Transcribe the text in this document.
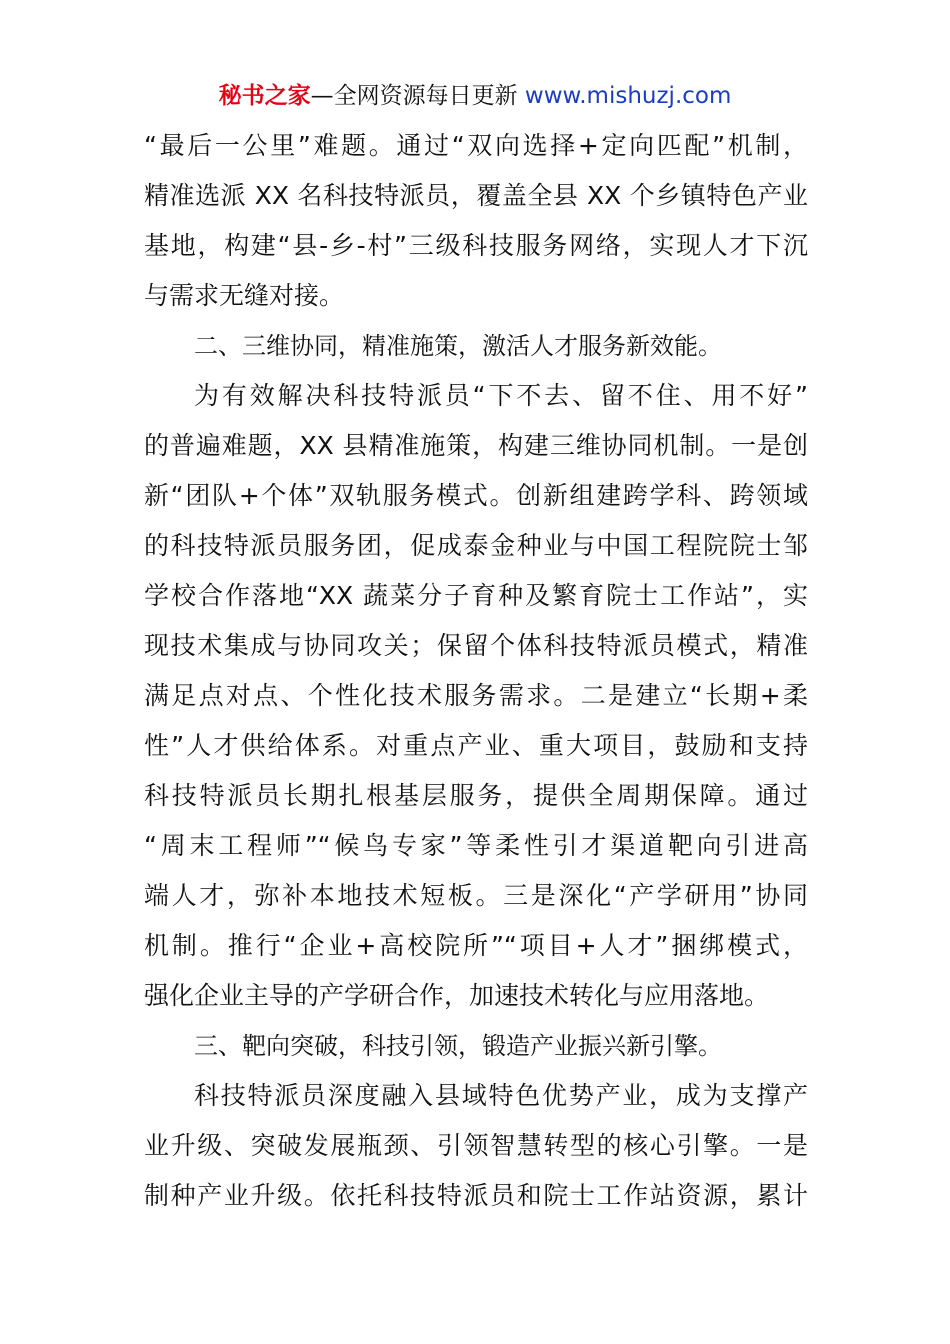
秘书之家—全网资源每日更新 www.mishuzj.com
“最后一公里”难题。通过“双向选择+定向匹配”机制，
精准选派 XX 名科技特派员，覆盖全县 XX 个乡镇特色产业
基地，构建“县-乡-村”三级科技服务网络，实现人才下沉
与需求无缝对接。
二、三维协同，精准施策，激活人才服务新效能。
为有效解决科技特派员“下不去、留不住、用不好”
的普遍难题，XX 县精准施策，构建三维协同机制。一是创
新“团队+个体”双轨服务模式。创新组建跨学科、跨领域
的科技特派员服务团，促成泰金种业与中国工程院院士邹
学校合作落地“XX 蔬菜分子育种及繁育院士工作站”，实
现技术集成与协同攻关；保留个体科技特派员模式，精准
满足点对点、个性化技术服务需求。二是建立“长期+柔
性”人才供给体系。对重点产业、重大项目，鼓励和支持
科技特派员长期扎根基层服务，提供全周期保障。通过
“周末工程师”“候鸟专家”等柔性引才渠道靶向引进高
端人才，弥补本地技术短板。三是深化“产学研用”协同
机制。推行“企业+高校院所”“项目+人才”捆绑模式，
强化企业主导的产学研合作，加速技术转化与应用落地。
三、靶向突破，科技引领，锻造产业振兴新引擎。
科技特派员深度融入县域特色优势产业，成为支撑产
业升级、突破发展瓶颈、引领智慧转型的核心引擎。一是
制种产业升级。依托科技特派员和院士工作站资源，累计
